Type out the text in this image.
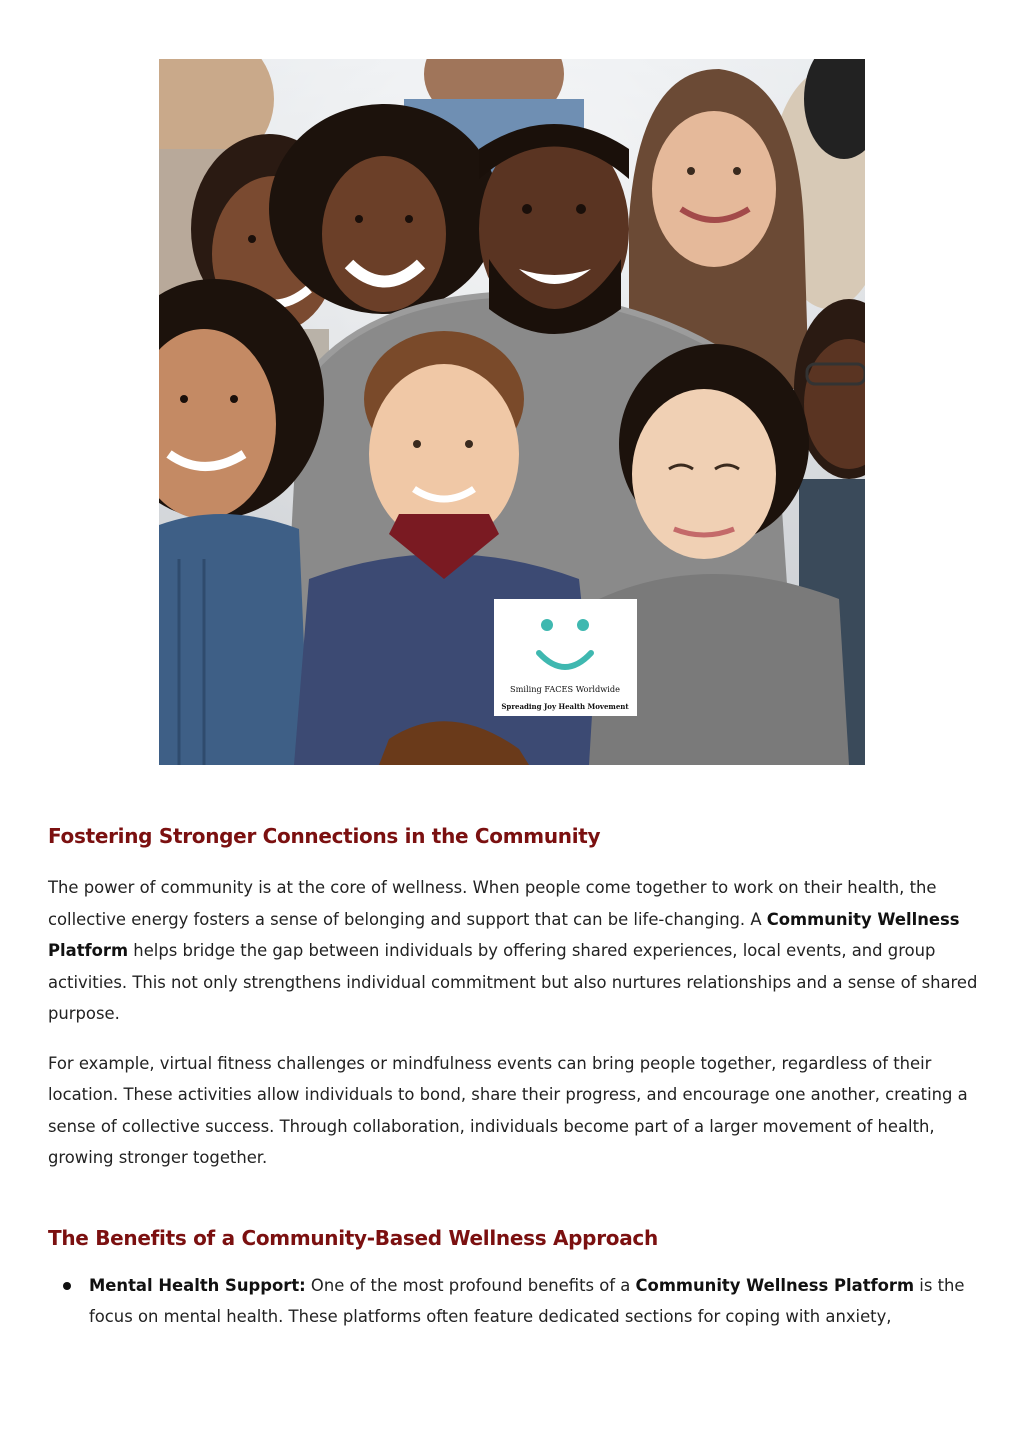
Smiling FACES Worldwide
Spreading Joy Health Movement
Fostering Stronger Connections in the Community

The power of community is at the core of wellness. When people come together to work on their health, the collective energy fosters a sense of belonging and support that can be life-changing. A Community Wellness Platform helps bridge the gap between individuals by offering shared experiences, local events, and group activities. This not only strengthens individual commitment but also nurtures relationships and a sense of shared purpose.

For example, virtual fitness challenges or mindfulness events can bring people together, regardless of their location. These activities allow individuals to bond, share their progress, and encourage one another, creating a sense of collective success. Through collaboration, individuals become part of a larger movement of health, growing stronger together.

The Benefits of a Community-Based Wellness Approach
Mental Health Support: One of the most profound benefits of a Community Wellness Platform is the focus on mental health. These platforms often feature dedicated sections for coping with anxiety,
